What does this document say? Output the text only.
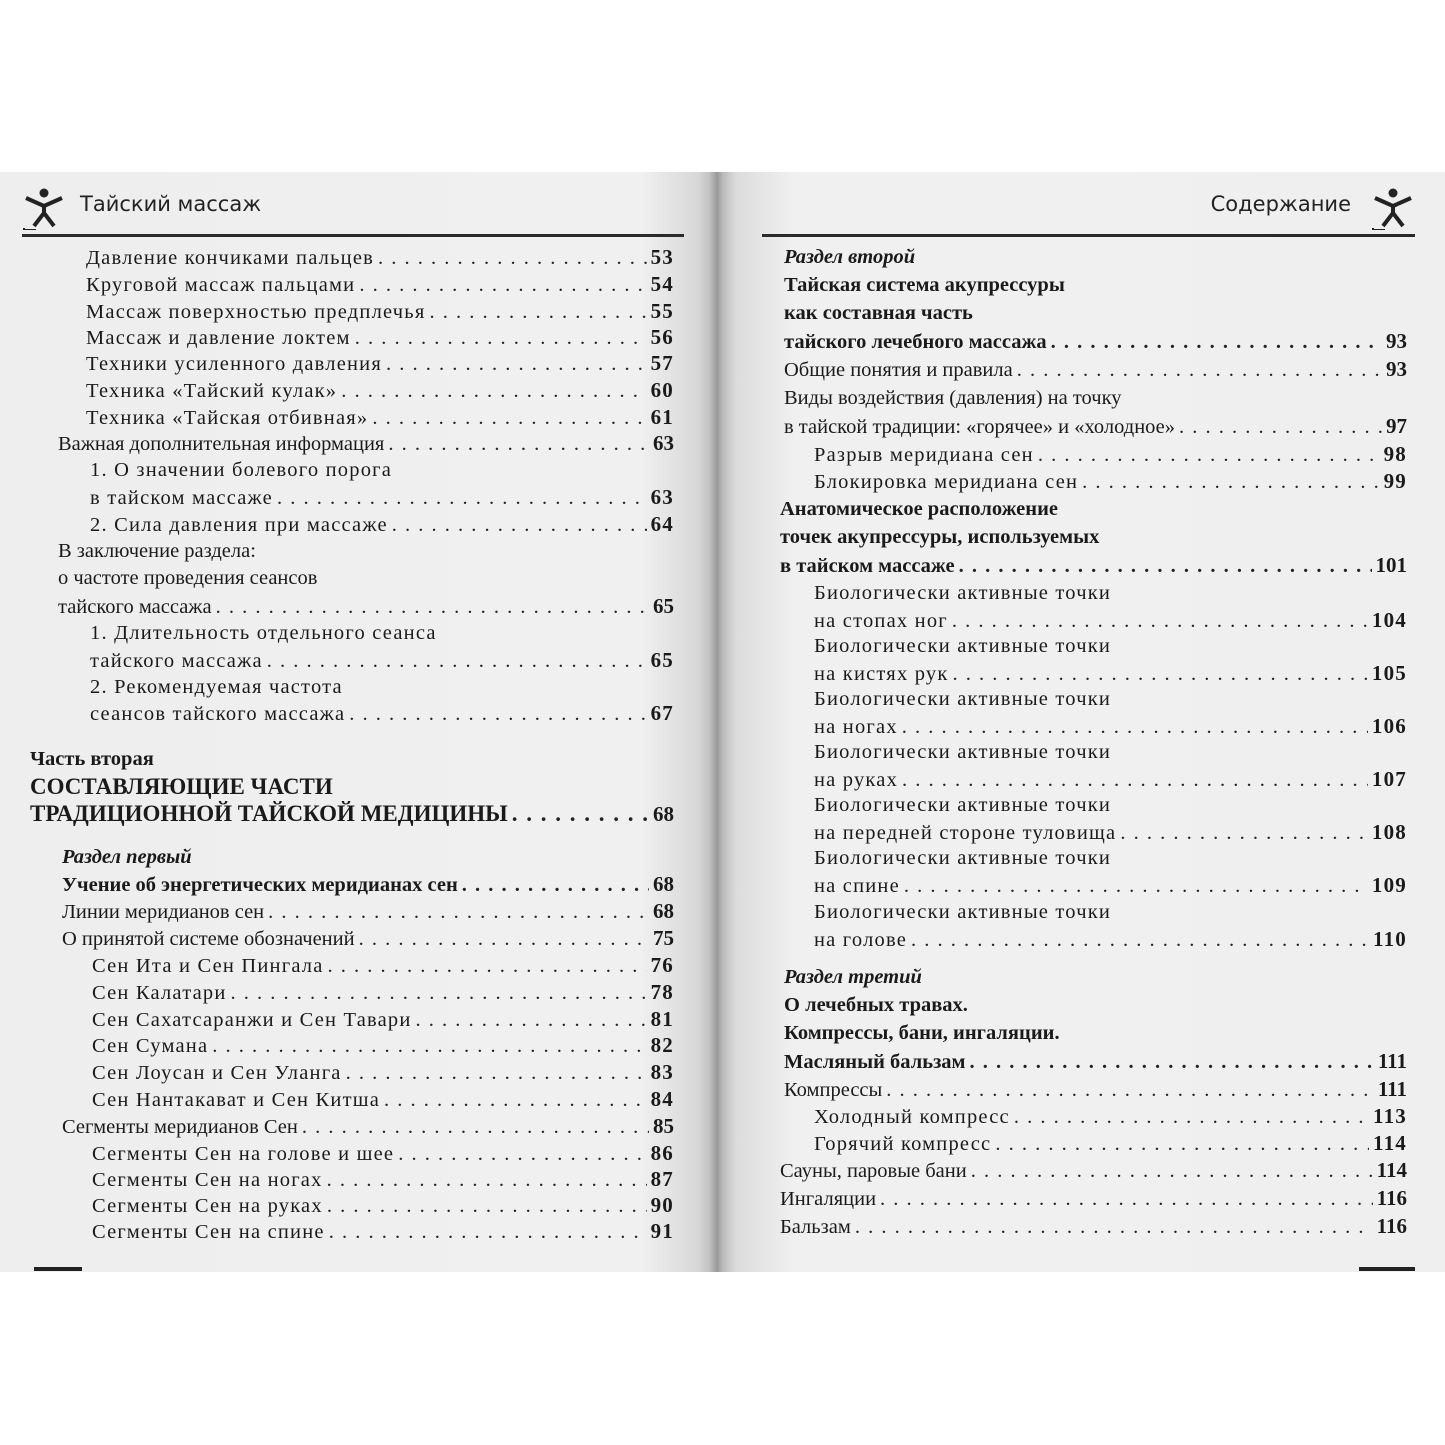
Тайский массаж
Давление кончиками пальцев . . .	53
Круговой массаж пальцами . . .	54
Массаж поверхностью предплечья . . .	55
Массаж и давление локтем . . .	56
Техники усиленного давления . . .	57
Техника «Тайский кулак» . . .	60
Техника «Тайская отбивная» . . .	61
Важная дополнительная информация . . .	63
1. О значении болевого порога
в тайском массаже . . .	63
2. Сила давления при массаже . . .	64
В заключение раздела:
о частоте проведения сеансов
тайского массажа . . .	65
1. Длительность отдельного сеанса
тайского массажа . . .	65
2. Рекомендуемая частота
сеансов тайского массажа . . .	67
Часть вторая
СОСТАВЛЯЮЩИЕ ЧАСТИ
ТРАДИЦИОННОЙ ТАЙСКОЙ МЕДИЦИНЫ . . .	68
Раздел первый
Учение об энергетических меридианах сен . . .	68
Линии меридианов сен . . .	68
О принятой системе обозначений . . .	75
Сен Ита и Сен Пингала . . .	76
Сен Калатари . . .	78
Сен Сахатсаранжи и Сен Тавари . . .	81
Сен Сумана . . .	82
Сен Лоусан и Сен Уланга . . .	83
Сен Нантакават и Сен Китша . . .	84
Сегменты меридианов Сен . . .	85
Сегменты Сен на голове и шее . . .	86
Сегменты Сен на ногах . . .	87
Сегменты Сен на руках . . .	90
Сегменты Сен на спине . . .	91
Содержание
Раздел второй
Тайская система акупрессуры
как составная часть
тайского лечебного массажа . . .	93
Общие понятия и правила . . .	93
Виды воздействия (давления) на точку
в тайской традиции: «горячее» и «холодное» . . .	97
Разрыв меридиана сен . . .	98
Блокировка меридиана сен . . .	99
Анатомическое расположение
точек акупрессуры, используемых
в тайском массаже . . .	101
Биологически активные точки
на стопах ног . . .	104
Биологически активные точки
на кистях рук . . .	105
Биологически активные точки
на ногах . . .	106
Биологически активные точки
на руках . . .	107
Биологически активные точки
на передней стороне туловища . . .	108
Биологически активные точки
на спине . . .	109
Биологически активные точки
на голове . . .	110
Раздел третий
О лечебных травах.
Компрессы, бани, ингаляции.
Масляный бальзам . . .	111
Компрессы . . .	111
Холодный компресс . . .	113
Горячий компресс . . .	114
Сауны, паровые бани . . .	114
Ингаляции . . .	116
Бальзам . . .	116
